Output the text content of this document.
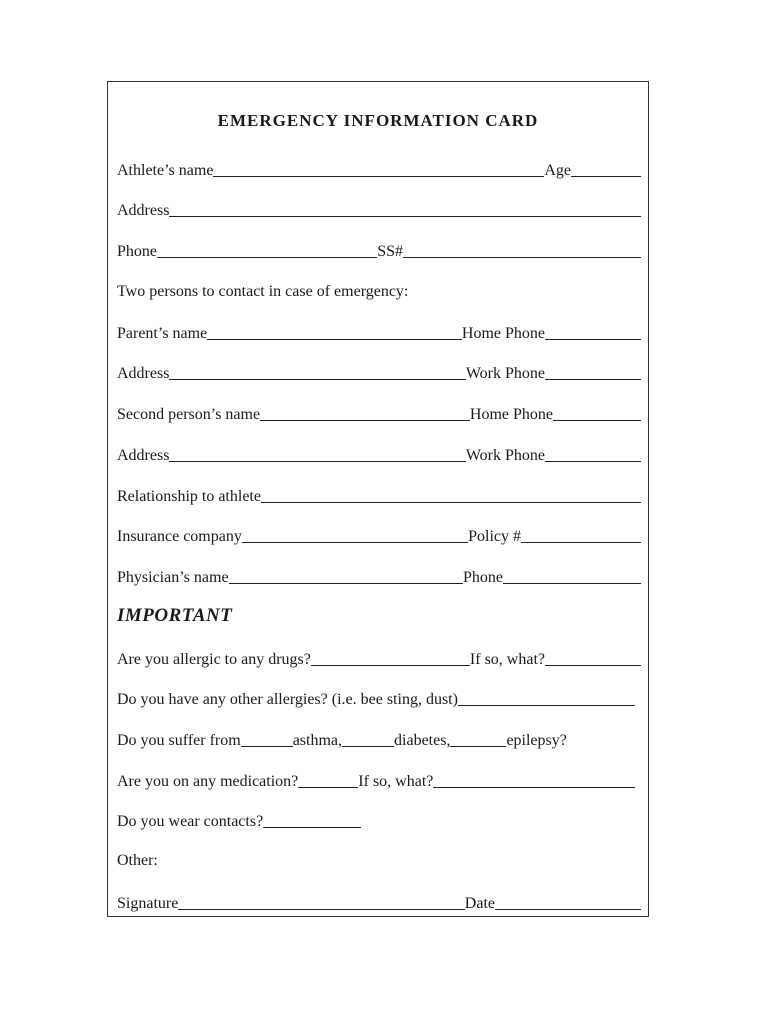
EMERGENCY INFORMATION CARD
Athlete’s name	Age
Address
Phone	SS#
Two persons to contact in case of emergency:
Parent’s name	Home Phone
Address	Work Phone
Second person’s name	Home Phone
Address	Work Phone
Relationship to athlete
Insurance company	Policy #
Physician’s name	Phone
IMPORTANT
Are you allergic to any drugs?	If so, what?
Do you have any other allergies? (i.e. bee sting, dust)
Do you suffer from	asthma,	diabetes,	epilepsy?
Are you on any medication?	If so, what?
Do you wear contacts?
Other:
Signature	Date
